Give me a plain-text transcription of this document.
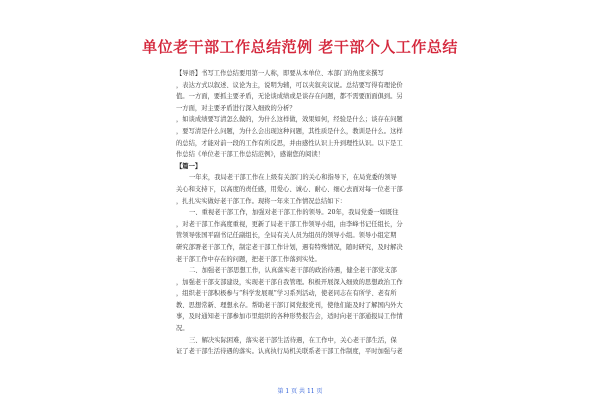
单位老干部工作总结范例 老干部个人工作总结
【导语】书写工作总结要用第一人称，即要从本单位、本部门的角度来撰写
，表达方式以叙述、议论为主，说明为辅，可以夹叙夹议说。总结要写得有理论价
值。一方面，要抓主要矛盾，无论谈成绩或是谈存在问题，都不需要面面俱到。另
一方面，对主要矛盾进行深入细致的分析？
，如谈成绩要写清怎么做的，为什么这样做，效果如何，经验是什么；谈存在问题
，要写清是什么问题，为什么会出现这种问题，其性质是什么，教训是什么。这样
的总结，才能对前一段的工作有所反思，并由感性认识上升到理性认识。以下是工
作总结《单位老干部工作总结范例》，感谢您的阅读！
【篇一】
一年来，我局老干部工作在上级有关部门的关心和指导下，在局党委的领导
关心和支持下，以高度的责任感，用爱心、诚心、耐心、细心去面对每一位老干部
，扎扎实实做好老干部工作。现将一年来工作情况总结如下：
一、重视老干部工作，加强对老干部工作的领导。20年，我局党委一如既往
，对老干部工作高度重视，更新了局老干部工作领导小组，由李峰书记任组长，分
管领导张国平副书记任副组长，全局有关人员为组员的领导小组。领导小组定期
研究部署老干部工作，制定老干部工作计划，遇有特殊情况，随时研究，及时解决
老干部工作中存在的问题，把老干部工作落到实处。
二、加强老干部思想工作，认真落实老干部的政治待遇，健全老干部党支部
，加强老干部支部建设，实现老干部自我管理。积极开展深入细致的思想政治工作
，组织老干部积极参与“科学发展观”学习系列活动，使老同志在有所学、老有所
教、思想常新、理想永存。帮助老干部订阅党报党刊，使他们能及时了解国内外大
事，及时通知老干部参加市里组织的各种形势报告会，适时向老干部通报局工作情
况。
三、解决实际困难，落实老干部生活待遇，在工作中，关心老干部生活，保
证了老干部生活待遇的落实。认真执行局机关联系老干部工作制度，平时加强与老
第 1 页 共 11 页
